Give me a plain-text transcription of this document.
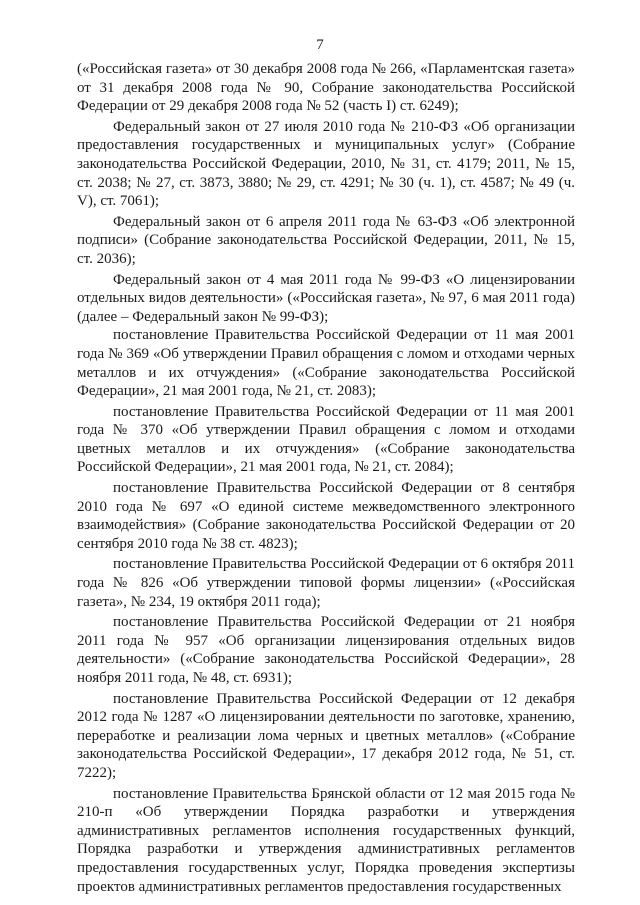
7

(«Российская газета» от 30 декабря 2008 года № 266, «Парламентская газета» от 31 декабря 2008 года № 90, Собрание законодательства Российской Федерации от 29 декабря 2008 года № 52 (часть I) ст. 6249);

Федеральный закон от 27 июля 2010 года № 210-ФЗ «Об организации предоставления государственных и муниципальных услуг» (Собрание законодательства Российской Федерации, 2010, № 31, ст. 4179; 2011, № 15, ст. 2038; № 27, ст. 3873, 3880; № 29, ст. 4291; № 30 (ч. 1), ст. 4587; № 49 (ч. V), ст. 7061);

Федеральный закон от 6 апреля 2011 года № 63-ФЗ «Об электронной подписи» (Собрание законодательства Российской Федерации, 2011, № 15, ст. 2036);

Федеральный закон от 4 мая 2011 года № 99-ФЗ «О лицензировании отдельных видов деятельности» («Российская газета», № 97, 6 мая 2011 года) (далее – Федеральный закон № 99-ФЗ);

постановление Правительства Российской Федерации от 11 мая 2001 года № 369 «Об утверждении Правил обращения с ломом и отходами черных металлов и их отчуждения» («Собрание законодательства Российской Федерации», 21 мая 2001 года, № 21, ст. 2083);

постановление Правительства Российской Федерации от 11 мая 2001 года № 370 «Об утверждении Правил обращения с ломом и отходами цветных металлов и их отчуждения» («Собрание законодательства Российской Федерации», 21 мая 2001 года, № 21, ст. 2084);

постановление Правительства Российской Федерации от 8 сентября 2010 года № 697 «О единой системе межведомственного электронного взаимодействия» (Собрание законодательства Российской Федерации от 20 сентября 2010 года № 38 ст. 4823);

постановление Правительства Российской Федерации от 6 октября 2011 года № 826 «Об утверждении типовой формы лицензии» («Российская газета», № 234, 19 октября 2011 года);

постановление Правительства Российской Федерации от 21 ноября 2011 года № 957 «Об организации лицензирования отдельных видов деятельности» («Собрание законодательства Российской Федерации», 28 ноября 2011 года, № 48, ст. 6931);

постановление Правительства Российской Федерации от 12 декабря 2012 года № 1287 «О лицензировании деятельности по заготовке, хранению, переработке и реализации лома черных и цветных металлов» («Собрание законодательства Российской Федерации», 17 декабря 2012 года, № 51, ст. 7222);

постановление Правительства Брянской области от 12 мая 2015 года № 210-п «Об утверждении Порядка разработки и утверждения административных регламентов исполнения государственных функций, Порядка разработки и утверждения административных регламентов предоставления государственных услуг, Порядка проведения экспертизы проектов административных регламентов предоставления государственных
